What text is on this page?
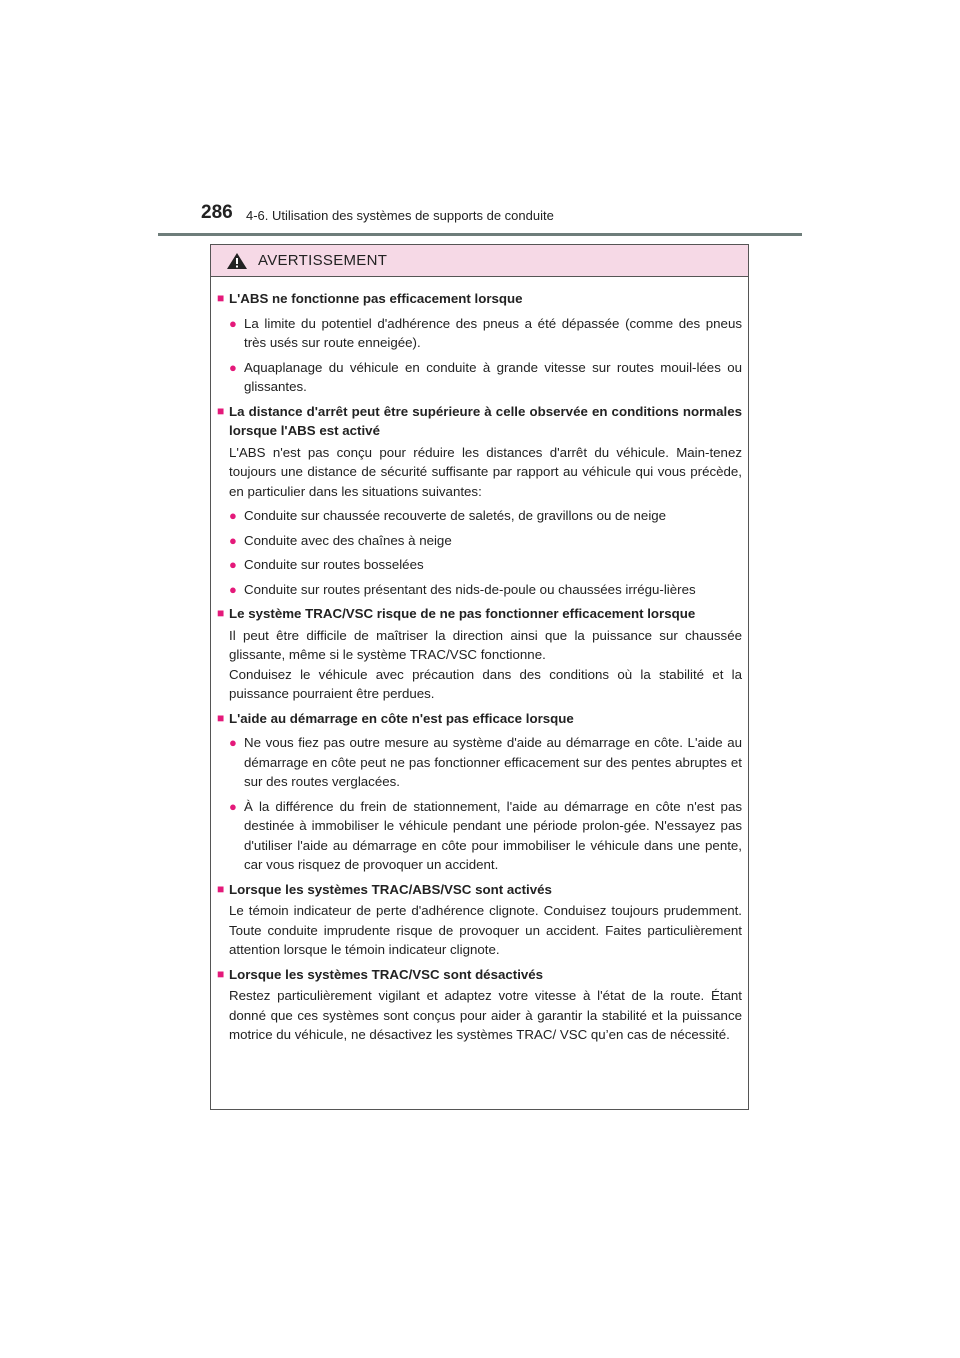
286 4-6. Utilisation des systèmes de supports de conduite
AVERTISSEMENT
■ L'ABS ne fonctionne pas efficacement lorsque
● La limite du potentiel d'adhérence des pneus a été dépassée (comme des pneus très usés sur route enneigée).
● Aquaplanage du véhicule en conduite à grande vitesse sur routes mouil-lées ou glissantes.
■ La distance d'arrêt peut être supérieure à celle observée en conditions normales lorsque l'ABS est activé
L'ABS n'est pas conçu pour réduire les distances d'arrêt du véhicule. Main-tenez toujours une distance de sécurité suffisante par rapport au véhicule qui vous précède, en particulier dans les situations suivantes:
● Conduite sur chaussée recouverte de saletés, de gravillons ou de neige
● Conduite avec des chaînes à neige
● Conduite sur routes bosselées
● Conduite sur routes présentant des nids-de-poule ou chaussées irrégu-lières
■ Le système TRAC/VSC risque de ne pas fonctionner efficacement lorsque
Il peut être difficile de maîtriser la direction ainsi que la puissance sur chaussée glissante, même si le système TRAC/VSC fonctionne.
Conduisez le véhicule avec précaution dans des conditions où la stabilité et la puissance pourraient être perdues.
■ L'aide au démarrage en côte n'est pas efficace lorsque
● Ne vous fiez pas outre mesure au système d'aide au démarrage en côte. L'aide au démarrage en côte peut ne pas fonctionner efficacement sur des pentes abruptes et sur des routes verglacées.
● À la différence du frein de stationnement, l'aide au démarrage en côte n'est pas destinée à immobiliser le véhicule pendant une période prolon-gée. N'essayez pas d'utiliser l'aide au démarrage en côte pour immobiliser le véhicule dans une pente, car vous risquez de provoquer un accident.
■ Lorsque les systèmes TRAC/ABS/VSC sont activés
Le témoin indicateur de perte d'adhérence clignote. Conduisez toujours prudemment. Toute conduite imprudente risque de provoquer un accident. Faites particulièrement attention lorsque le témoin indicateur clignote.
■ Lorsque les systèmes TRAC/VSC sont désactivés
Restez particulièrement vigilant et adaptez votre vitesse à l'état de la route. Étant donné que ces systèmes sont conçus pour aider à garantir la stabilité et la puissance motrice du véhicule, ne désactivez les systèmes TRAC/ VSC qu’en cas de nécessité.
